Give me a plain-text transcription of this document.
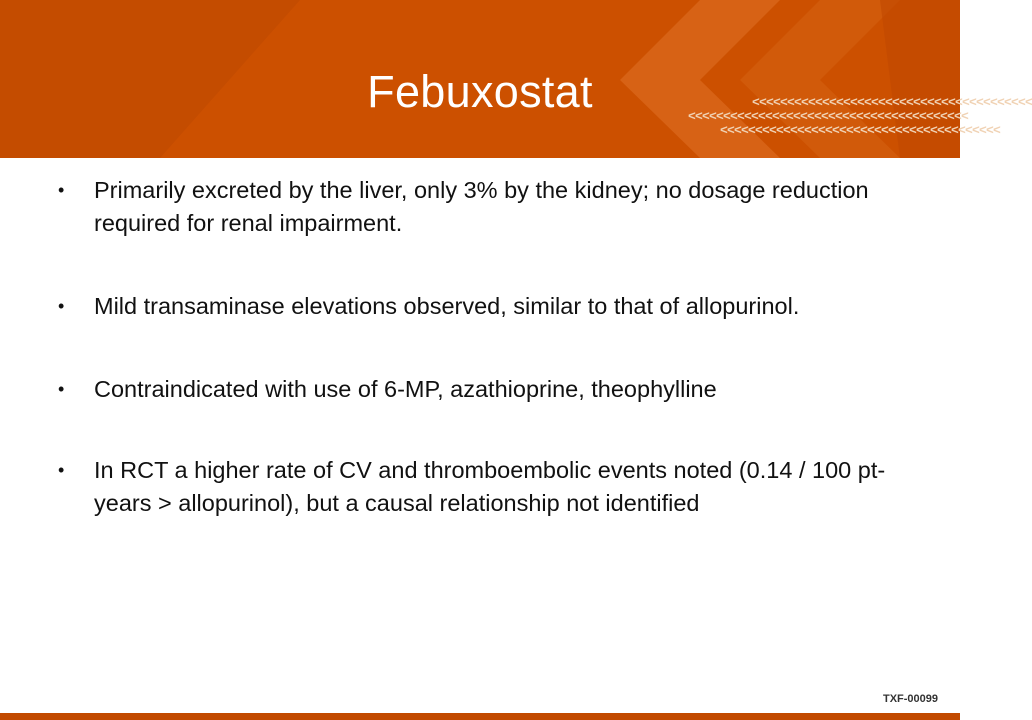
<<<<<<<<<<<<<<<<<<<<<<<<<<<<<<<<<<<<<<<<
<<<<<<<<<<<<<<<<<<<<<<<<<<<<<<<<<<<<<<<<
<<<<<<<<<<<<<<<<<<<<<<<<<<<<<<<<<<<<<<<<
Febuxostat
• Primarily excreted by the liver, only 3% by the kidney; no dosage reduction required for renal impairment.
• Mild transaminase elevations observed, similar to that of allopurinol.
• Contraindicated with use of 6-MP, azathioprine, theophylline
• In RCT a higher rate of CV and thromboembolic events noted (0.14 / 100 pt-years > allopurinol), but a causal relationship not identified
TXF-00099
